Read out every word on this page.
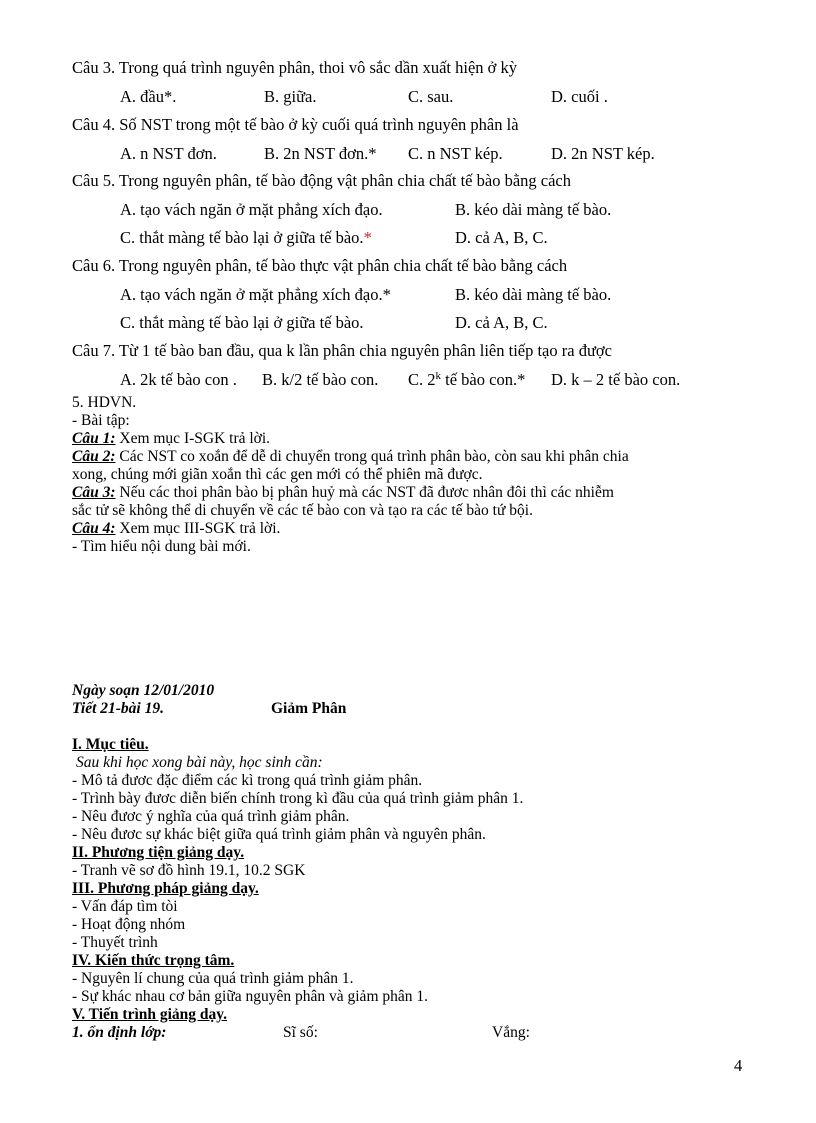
Câu 3. Trong quá trình nguyên phân, thoi vô sắc dần xuất hiện ở kỳ
A. đầu*.	B. giữa.	C. sau.	D. cuối .
Câu 4. Số NST trong một tế bào ở kỳ cuối quá trình nguyên phân là
A. n NST đơn.	B. 2n NST đơn.* C. n NST kép.	D. 2n NST kép.
Câu 5. Trong nguyên phân, tế bào động vật phân chia chất tế bào bằng cách
A. tạo vách ngăn ở mặt phẳng xích đạo.	B. kéo dài màng tế bào.
C. thắt màng tế bào lại ở giữa tế bào.*	D. cả A, B, C.
Câu 6. Trong nguyên phân, tế bào thực vật phân chia chất tế bào bằng cách
A. tạo vách ngăn ở mặt phẳng xích đạo.*	B. kéo dài màng tế bào.
C. thắt màng tế bào lại ở giữa tế bào.	D. cả A, B, C.
Câu 7. Từ 1 tế bào ban đầu, qua k lần phân chia nguyên phân liên tiếp tạo ra được
A. 2k tế bào con . B. k/2 tế bào con. C. 2$^k$ tế bào con.* D. k – 2 tế bào con.
5. HDVN.
- Bài tập:
Câu 1: Xem mục I-SGK trả lời.
Câu 2: Các NST co xoắn để dễ di chuyển trong quá trình phân bào, còn sau khi phân chia
xong, chúng mới giãn xoắn thì các gen mới có thể phiên mã được.
Câu 3: Nếu các thoi phân bào bị phân huỷ mà các NST đã đươc nhân đôi thì các nhiễm
sắc tử sẽ không thể di chuyển về các tế bào con và tạo ra các tế bào tứ bội.
Câu 4: Xem mục III-SGK trả lời.
- Tìm hiểu nội dung bài mới.
Ngày soạn 12/01/2010
Tiết 21-bài 19.	Giảm Phân
I. Mục tiêu.
Sau khi học xong bài này, học sinh cần:
- Mô tả đươc đặc điểm các kì trong quá trình giảm phân.
- Trình bày đươc diễn biến chính trong kì đầu của quá trình giảm phân 1.
- Nêu đươc ý nghĩa của quá trình giảm phân.
- Nêu đươc sự khác biệt giữa quá trình giảm phân và nguyên phân.
II. Phương tiện giảng dạy.
- Tranh vẽ sơ đồ hình 19.1, 10.2 SGK
III. Phương pháp giảng dạy.
- Vấn đáp tìm tòi
- Hoạt động nhóm
- Thuyết trình
IV. Kiến thức trọng tâm.
- Nguyên lí chung của quá trình giảm phân 1.
- Sự khác nhau cơ bản giữa nguyên phân và giảm phân 1.
V. Tiến trình giảng dạy.
1. ổn định lớp:	Sĩ số:	Vắng:
4
